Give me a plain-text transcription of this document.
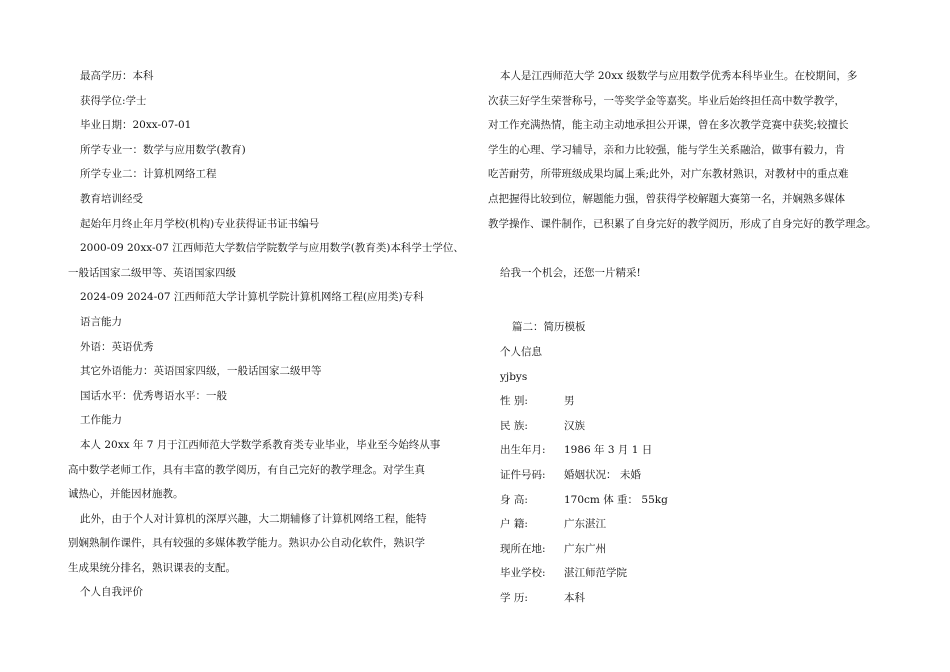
最高学历：本科
获得学位:学士
毕业日期：20xx-07-01
所学专业一：数学与应用数学(教育)
所学专业二：计算机网络工程
教育培训经受
起始年月终止年月学校(机构)专业获得证书证书编号
2000-09 20xx-07 江西师范大学数信学院数学与应用数学(教育类)本科学士学位、
一般话国家二级甲等、英语国家四级
2024-09 2024-07 江西师范大学计算机学院计算机网络工程(应用类)专科
语言能力
外语：英语优秀
其它外语能力：英语国家四级，一般话国家二级甲等
国话水平：优秀粤语水平：一般
工作能力
本人 20xx 年 7 月于江西师范大学数学系教育类专业毕业，毕业至今始终从事
高中数学老师工作，具有丰富的教学阅历，有自己完好的教学理念。对学生真
诚热心，并能因材施教。
此外，由于个人对计算机的深厚兴趣，大二期辅修了计算机网络工程，能特
别娴熟制作课件，具有较强的多媒体教学能力。熟识办公自动化软件，熟识学
生成果统分排名，熟识课表的支配。
个人自我评价
本人是江西师范大学 20xx 级数学与应用数学优秀本科毕业生。在校期间，多
次获三好学生荣誉称号，一等奖学金等嘉奖。毕业后始终担任高中数学教学，
对工作充满热情，能主动主动地承担公开课，曾在多次教学竞赛中获奖;较擅长
学生的心理、学习辅导，亲和力比较强，能与学生关系融洽，做事有毅力，肯
吃苦耐劳，所带班级成果均属上乘;此外，对广东教材熟识，对教材中的重点难
点把握得比较到位，解题能力强，曾获得学校解题大赛第一名，并娴熟多媒体
教学操作、课件制作，已积累了自身完好的教学阅历，形成了自身完好的教学理念。
给我一个机会，还您一片精采!
篇二：简历模板
个人信息
yjbys
性 别:	男
民 族:	汉族
出生年月:	1986 年 3 月 1 日
证件号码:	婚姻状况： 未婚
身 高:	170cm 体 重： 55kg
户 籍:	广东湛江
现所在地:	广东广州
毕业学校:	湛江师范学院
学 历:	本科
